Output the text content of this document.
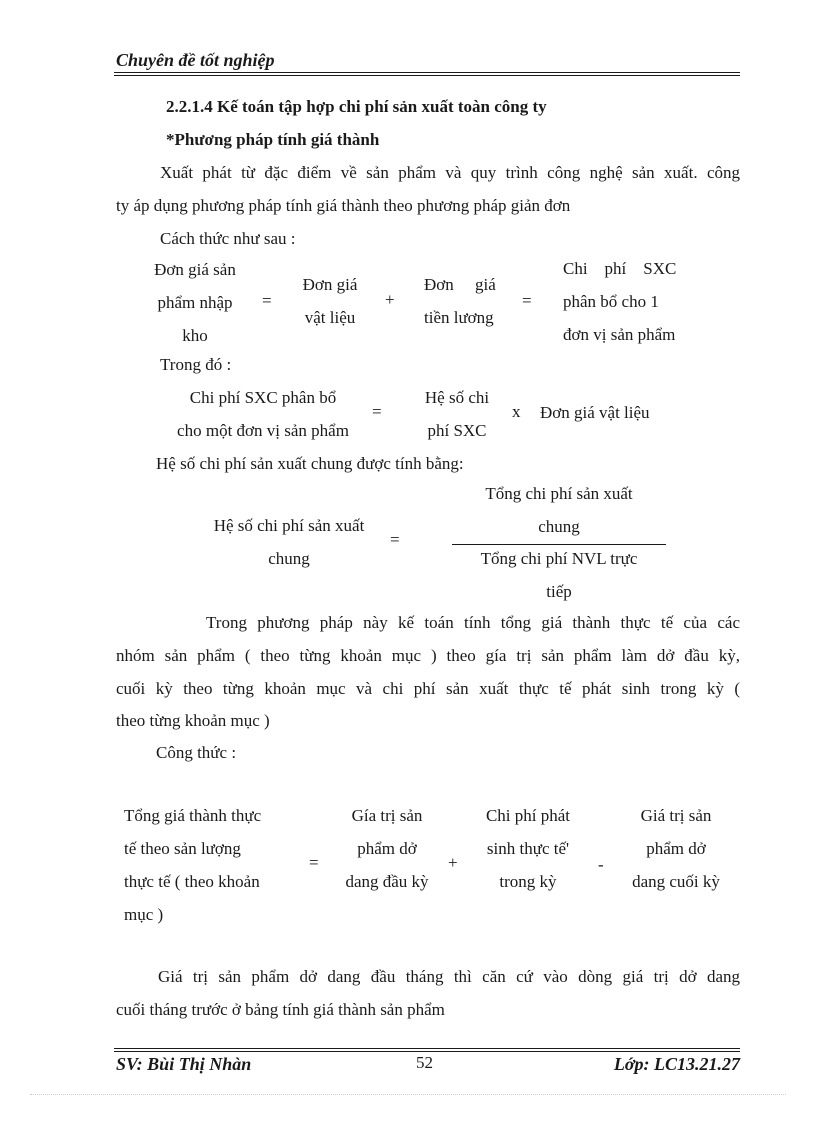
Chuyên đề tốt nghiệp
2.2.1.4 Kế toán tập hợp chi phí sản xuất toàn công ty
*Phương pháp tính giá thành
Xuất phát từ đặc điểm về sản phẩm và quy trình công nghệ sản xuất. công
ty áp dụng phương pháp tính giá thành theo phương pháp giản đơn
Cách thức như sau :
Đơn giá sản
phẩm nhập
kho
=
Đơn giá
vật liệu
+
Đơn     giá
tiền lương
=
Chi    phí    SXC
phân bổ cho 1
đơn vị sản phẩm
Trong đó :
Chi phí SXC phân bổ
cho một đơn vị sản phẩm
=
Hệ số chi
phí SXC
x Đơn giá vật liệu
Hệ số chi phí sản xuất chung được tính bằng:
Hệ số chi phí sản xuất
chung
=
Tổng chi phí sản xuất
chung
Tổng chi phí NVL trực
tiếp
Trong phương pháp này kế toán tính tổng giá thành thực tế của các
nhóm sản phẩm ( theo từng khoản mục ) theo gía trị sản phẩm làm dở đầu kỳ,
cuối kỳ theo từng khoản mục và chi phí sản xuất thực tế phát sinh trong kỳ (
theo từng khoản mục )
Công thức :
Tổng giá thành thực
tế theo sản lượng
thực tế ( theo khoản
mục )
=
Gía trị sản
phẩm dở
dang đầu kỳ
+
Chi phí phát
sinh thực tế'
trong kỳ
-
Giá trị sản
phẩm dở
dang cuối kỳ
Giá trị sản phẩm dở dang đầu tháng thì căn cứ vào dòng giá trị dở dang
cuối tháng trước ở bảng tính giá thành sản phẩm
SV: Bùi Thị Nhàn	52	Lớp: LC13.21.27
